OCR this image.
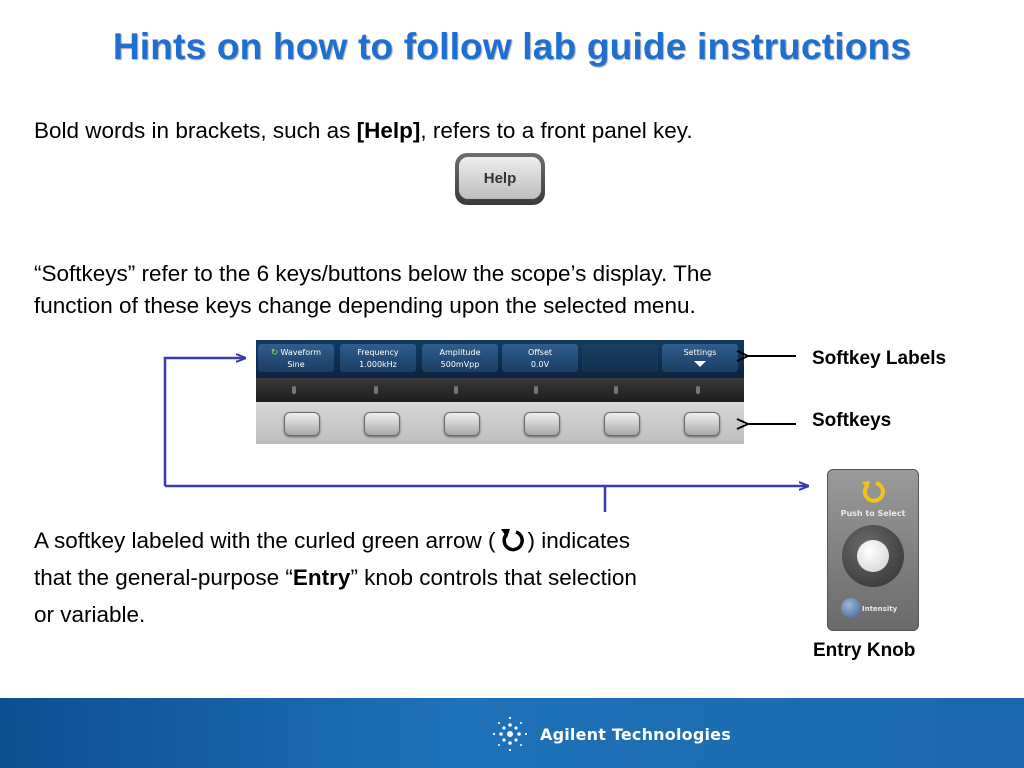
Hints on how to follow lab guide instructions
Bold words in brackets, such as [Help], refers to a front panel key.
Help
“Softkeys” refer to the 6 keys/buttons below the scope’s display. The
function of these keys change depending upon the selected menu.
↻ Waveform
Sine
Frequency
1.000kHz
Amplitude
500mVpp
Offset
0.0V
Settings	Softkey Labels
Softkeys
Push to Select
Intensity
Entry Knob
A softkey labeled with the curled green arrow ( ) indicates
that the general-purpose “Entry” knob controls that selection
or variable.
Agilent Technologies
